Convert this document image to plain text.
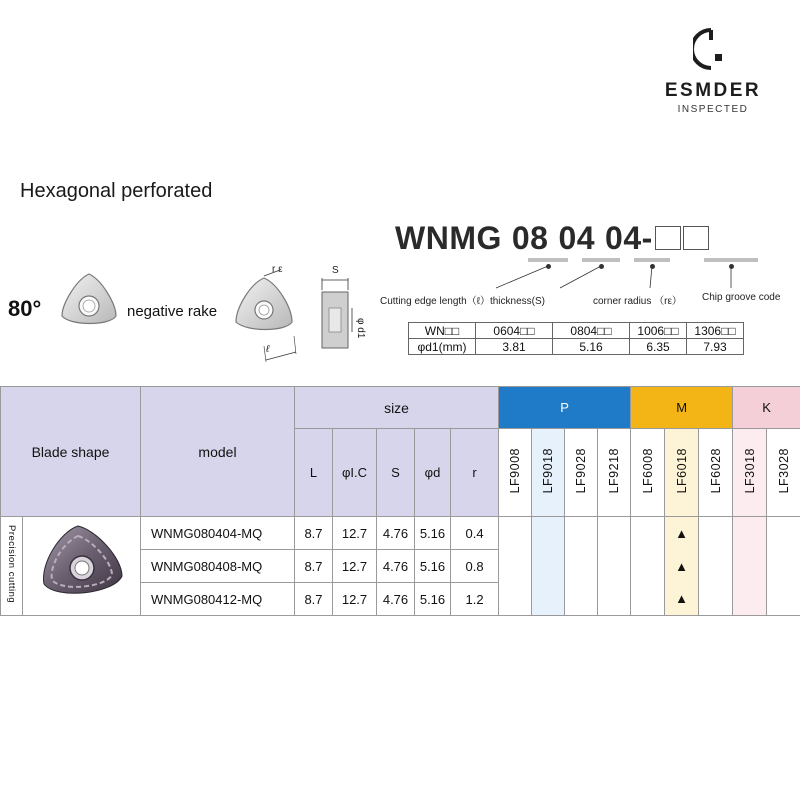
ESMDER
INSPECTED
Hexagonal perforated
80°	negative rake
r ε
ℓ
S
φ d1
WNMG 08 04 04-
Cutting edge length（ℓ）thickness(S)	corner radius （rε） Chip groove code
WN□□	0604□□	0804□□	1006□□	1306□□
φd1(mm)	3.81	5.16	6.35	7.93
Blade shape		model	size					P				M			K	
			L	φI.C	S	φd	r	LF9008	LF9018	LF9028	LF9218	LF6008	LF6018	LF6028	LF3018	LF3028

Precision cutting		WNMG080404-MQ	8.7	12.7	4.76	5.16	0.4						▲			
		WNMG080408-MQ	8.7	12.7	4.76	5.16	0.8						▲			
		WNMG080412-MQ	8.7	12.7	4.76	5.16	1.2						▲			
